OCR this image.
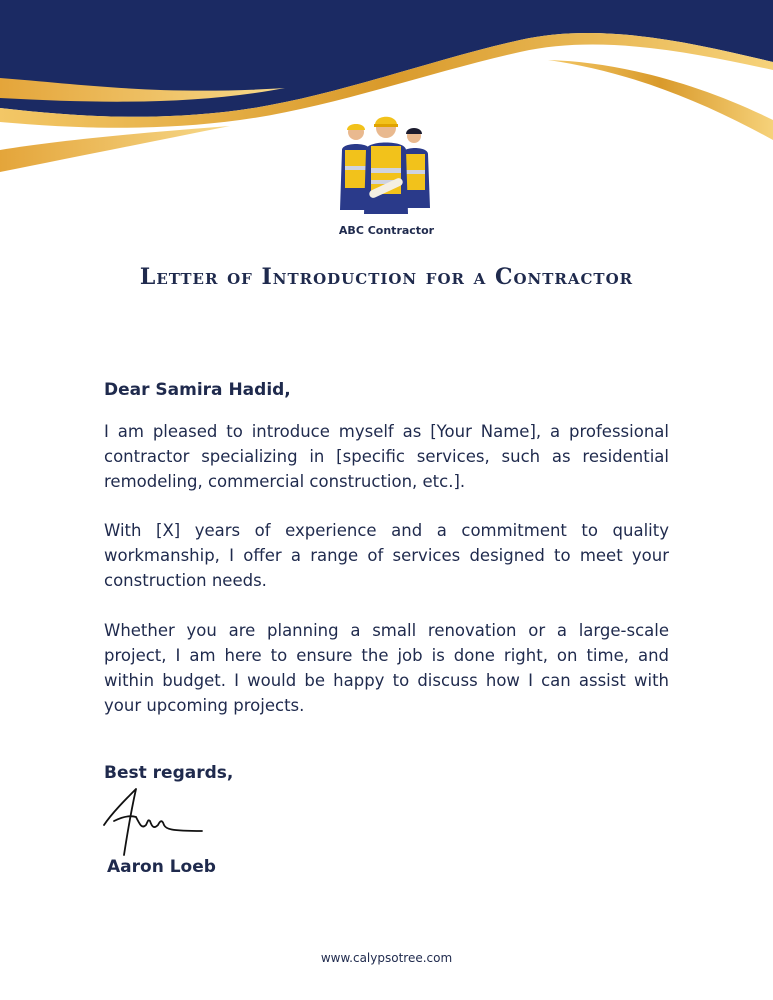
ABC Contractor
Letter of Introduction for a Contractor
Dear Samira Hadid,

I am pleased to introduce myself as [Your Name], a professional contractor specializing in [specific services, such as residential remodeling, commercial construction, etc.].

With [X] years of experience and a commitment to quality workmanship, I offer a range of services designed to meet your construction needs.

Whether you are planning a small renovation or a large-scale project, I am here to ensure the job is done right, on time, and within budget. I would be happy to discuss how I can assist with your upcoming projects.

Best regards,
Aaron Loeb
www.calypsotree.com
